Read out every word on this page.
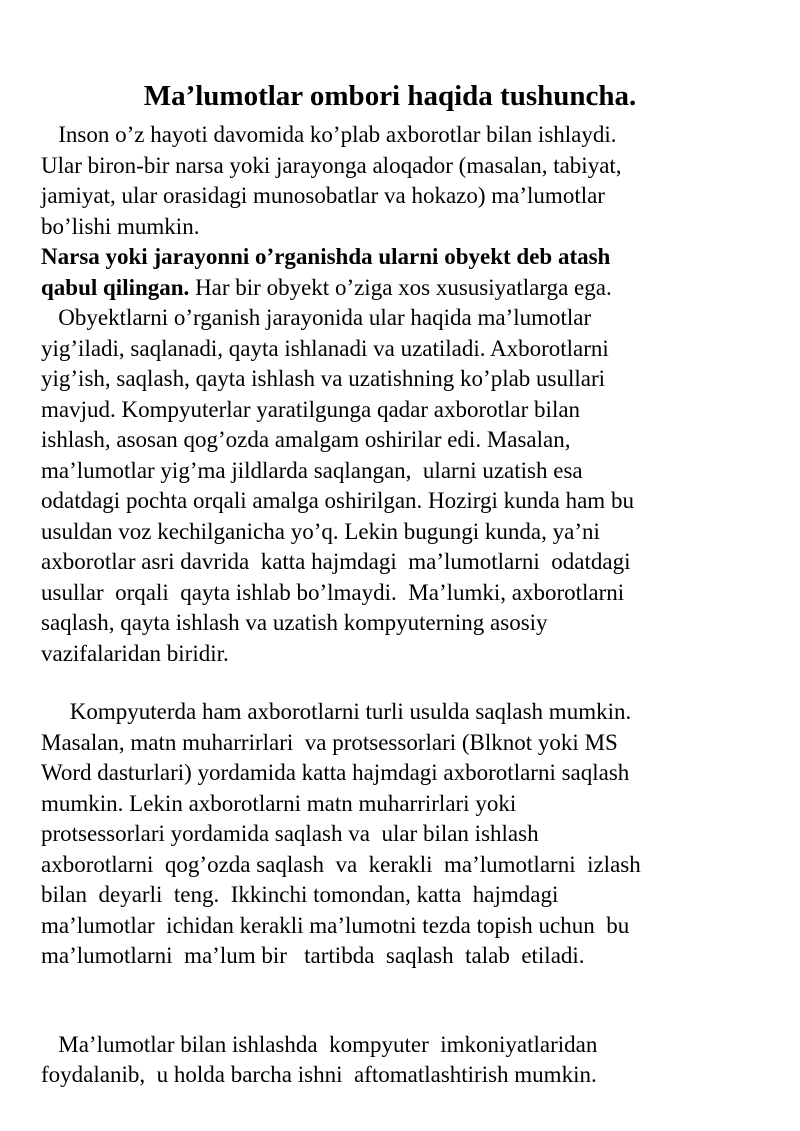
Ma’lumotlar ombori haqida tushuncha.

Inson o’z hayoti davomida ko’plab axborotlar bilan ishlaydi.

Ular biron-bir narsa yoki jarayonga aloqador (masalan, tabiyat,

jamiyat, ular orasidagi munosobatlar va hokazo) ma’lumotlar

bo’lishi mumkin.

Narsa yoki jarayonni o’rganishda ularni obyekt deb atash

qabul qilingan. Har bir obyekt o’ziga xos xususiyatlarga ega.

Obyektlarni o’rganish jarayonida ular haqida ma’lumotlar

yig’iladi, saqlanadi, qayta ishlanadi va uzatiladi. Axborotlarni

yig’ish, saqlash, qayta ishlash va uzatishning ko’plab usullari

mavjud. Kompyuterlar yaratilgunga qadar axborotlar bilan

ishlash, asosan qog’ozda amalgam oshirilar edi. Masalan,

ma’lumotlar yig’ma jildlarda saqlangan,  ularni uzatish esa

odatdagi pochta orqali amalga oshirilgan. Hozirgi kunda ham bu

usuldan voz kechilganicha yo’q. Lekin bugungi kunda, ya’ni

axborotlar asri davrida  katta hajmdagi  ma’lumotlarni  odatdagi

usullar  orqali  qayta ishlab bo’lmaydi.  Ma’lumki, axborotlarni

saqlash, qayta ishlash va uzatish kompyuterning asosiy

vazifalaridan biridir.

Kompyuterda ham axborotlarni turli usulda saqlash mumkin.

Masalan, matn muharrirlari  va protsessorlari (Blknot yoki MS

Word dasturlari) yordamida katta hajmdagi axborotlarni saqlash

mumkin. Lekin axborotlarni matn muharrirlari yoki

protsessorlari yordamida saqlash va  ular bilan ishlash

axborotlarni  qog’ozda saqlash  va  kerakli  ma’lumotlarni  izlash

bilan  deyarli  teng.  Ikkinchi tomondan, katta  hajmdagi

ma’lumotlar  ichidan kerakli ma’lumotni tezda topish uchun  bu

ma’lumotlarni  ma’lum bir   tartibda  saqlash  talab  etiladi.

Ma’lumotlar bilan ishlashda  kompyuter  imkoniyatlaridan

foydalanib,  u holda barcha ishni  aftomatlashtirish mumkin.
